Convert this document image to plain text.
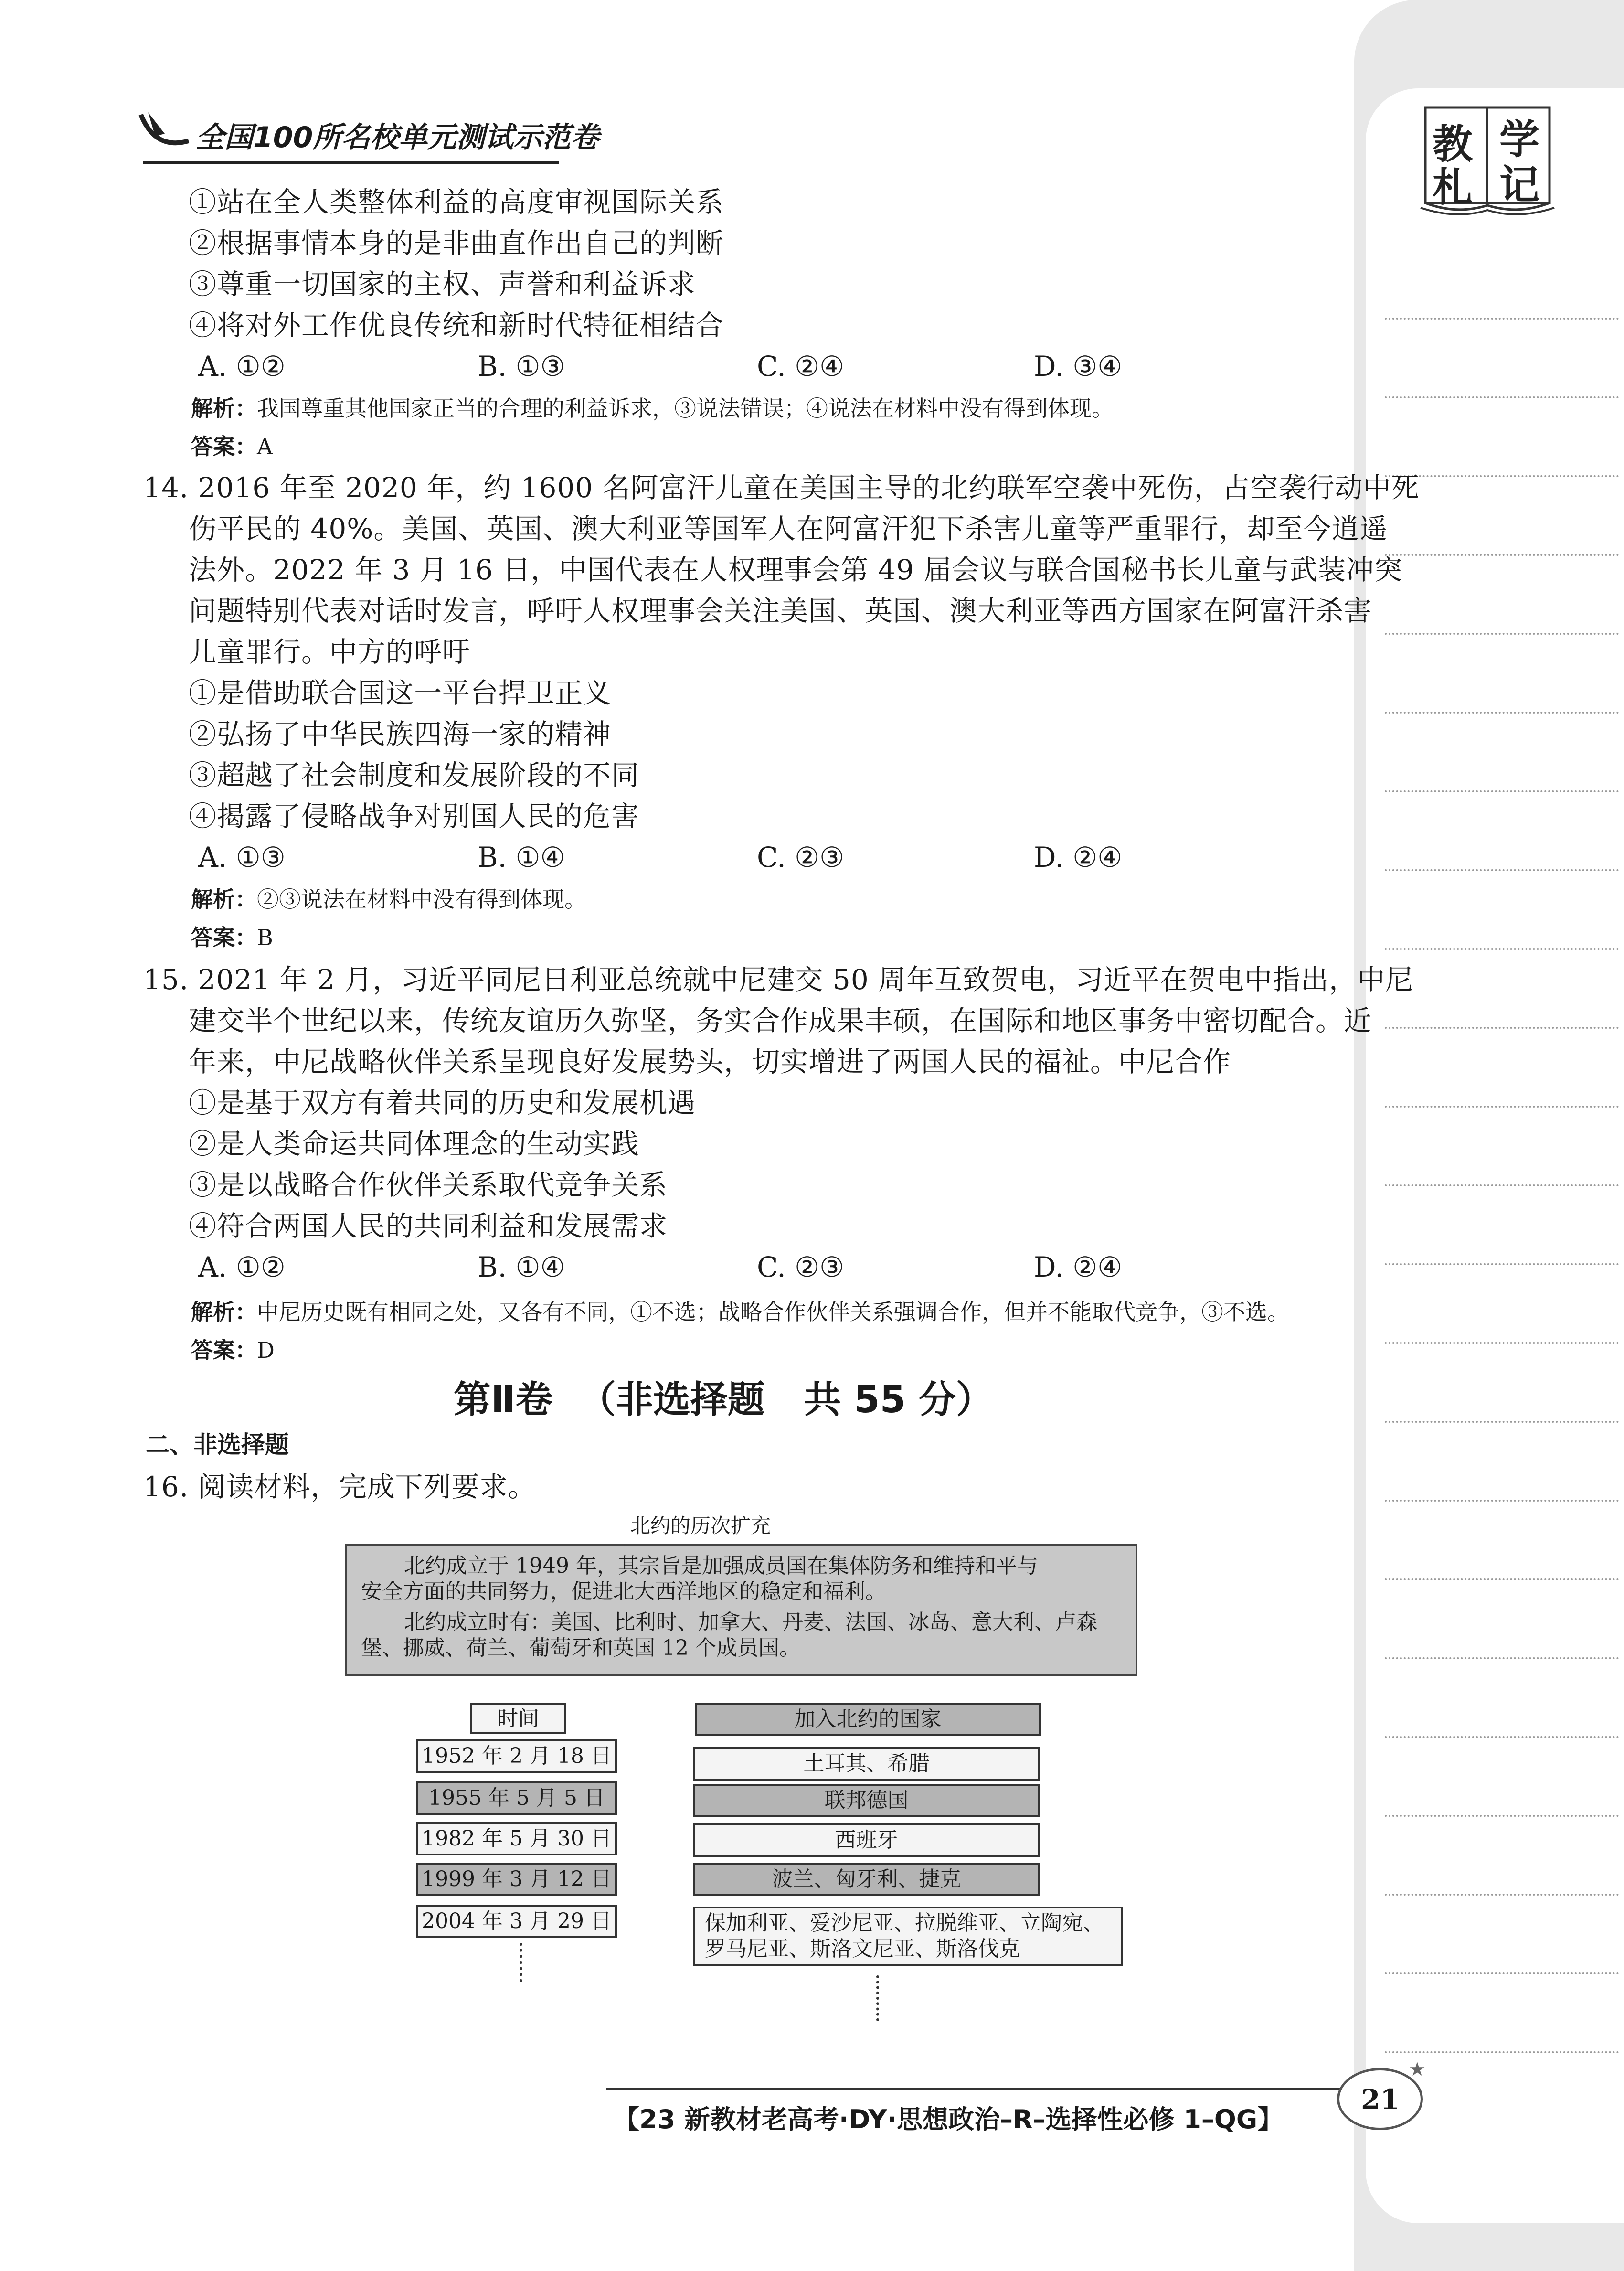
教 学
札 记
全国100所名校单元测试示范卷
①站在全人类整体利益的高度审视国际关系
②根据事情本身的是非曲直作出自己的判断
③尊重一切国家的主权、声誉和利益诉求
④将对外工作优良传统和新时代特征相结合
A. ①②	B. ①③	C. ②④	D. ③④
解析：我国尊重其他国家正当的合理的利益诉求，③说法错误；④说法在材料中没有得到体现。
答案：A
14. 2016 年至 2020 年，约 1600 名阿富汗儿童在美国主导的北约联军空袭中死伤，占空袭行动中死
伤平民的 40%。美国、英国、澳大利亚等国军人在阿富汗犯下杀害儿童等严重罪行，却至今逍遥
法外。2022 年 3 月 16 日，中国代表在人权理事会第 49 届会议与联合国秘书长儿童与武装冲突
问题特别代表对话时发言，呼吁人权理事会关注美国、英国、澳大利亚等西方国家在阿富汗杀害
儿童罪行。中方的呼吁
①是借助联合国这一平台捍卫正义
②弘扬了中华民族四海一家的精神
③超越了社会制度和发展阶段的不同
④揭露了侵略战争对别国人民的危害
A. ①③	B. ①④	C. ②③	D. ②④
解析：②③说法在材料中没有得到体现。
答案：B
15. 2021 年 2 月，习近平同尼日利亚总统就中尼建交 50 周年互致贺电，习近平在贺电中指出，中尼
建交半个世纪以来，传统友谊历久弥坚，务实合作成果丰硕，在国际和地区事务中密切配合。近
年来，中尼战略伙伴关系呈现良好发展势头，切实增进了两国人民的福祉。中尼合作
①是基于双方有着共同的历史和发展机遇
②是人类命运共同体理念的生动实践
③是以战略合作伙伴关系取代竞争关系
④符合两国人民的共同利益和发展需求
A. ①②	B. ①④	C. ②③	D. ②④
解析：中尼历史既有相同之处，又各有不同，①不选；战略合作伙伴关系强调合作，但并不能取代竞争，③不选。
答案：D
第Ⅱ卷  （非选择题   共 55 分）
二、非选择题
16. 阅读材料，完成下列要求。
北约的历次扩充
北约成立于 1949 年，其宗旨是加强成员国在集体防务和维持和平与
安全方面的共同努力，促进北大西洋地区的稳定和福利。
北约成立时有：美国、比利时、加拿大、丹麦、法国、冰岛、意大利、卢森
堡、挪威、荷兰、葡萄牙和英国 12 个成员国。
时间	加入北约的国家
1952 年 2 月 18 日	土耳其、希腊
1955 年 5 月 5 日	联邦德国
1982 年 5 月 30 日	西班牙
1999 年 3 月 12 日	波兰、匈牙利、捷克
2004 年 3 月 29 日	保加利亚、爱沙尼亚、拉脱维亚、立陶宛、
罗马尼亚、斯洛文尼亚、斯洛伐克
【23 新教材老高考·DY·思想政治–R–选择性必修 1–QG】
21
★
